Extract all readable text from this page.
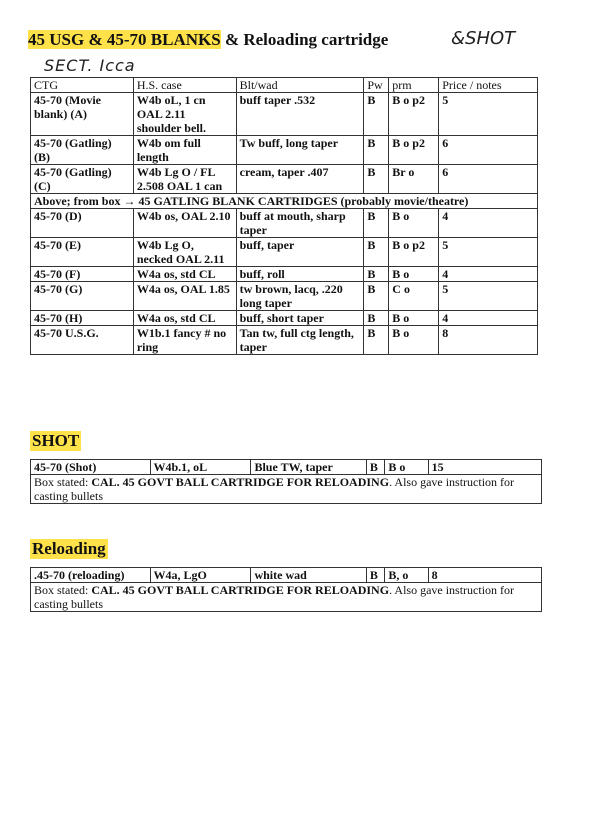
45 USG & 45-70 BLANKS & Reloading cartridge	&SHOT
SECT. Icca
CTG	H.S. case	Blt/wad	Pw	prm	Price / notes
45-70 (Movie blank) (A)	W4b oL, 1 cn OAL 2.11 shoulder bell.	buff taper .532	B	B o p2	5
45-70 (Gatling) (B)	W4b om full length	Tw buff, long taper	B	B o p2	6
45-70 (Gatling) (C)	W4b Lg O / FL 2.508 OAL 1 can	cream, taper .407	B	Br o	6
Above; from box → 45 GATLING BLANK CARTRIDGES (probably movie/theatre)					
45-70 (D)	W4b os, OAL 2.10	buff at mouth, sharp taper	B	B o	4
45-70 (E)	W4b Lg O, necked OAL 2.11	buff, taper	B	B o p2	5
45-70 (F)	W4a os, std CL	buff, roll	B	B o	4
45-70 (G)	W4a os, OAL 1.85	tw brown, lacq, .220 long taper	B	C o	5
45-70 (H)	W4a os, std CL	buff, short taper	B	B o	4
45-70 U.S.G.	W1b.1 fancy # no ring	Tan tw, full ctg length, taper	B	B o	8
SHOT
45-70 (Shot)	W4b.1, oL	Blue TW, taper	B	B o	15
Box stated: CAL. 45 GOVT BALL CARTRIDGE FOR RELOADING. Also gave instruction for casting bullets
Reloading
.45-70 (reloading)	W4a, LgO	white wad	B	B, o	8
Box stated: CAL. 45 GOVT BALL CARTRIDGE FOR RELOADING. Also gave instruction for casting bullets
